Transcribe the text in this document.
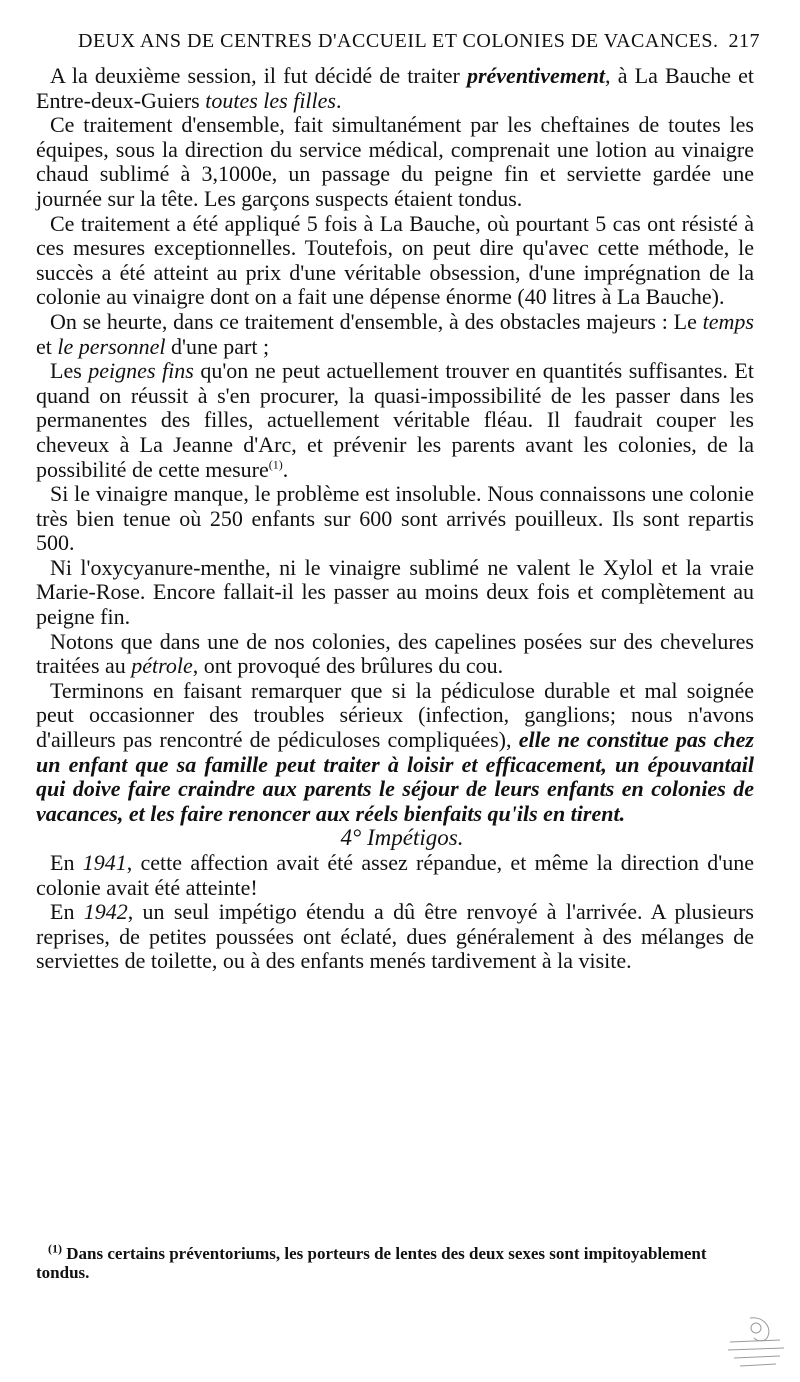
DEUX ANS DE CENTRES D'ACCUEIL ET COLONIES DE VACANCES. 217

A la deuxième session, il fut décidé de traiter préventivement, à La Bauche et Entre-deux-Guiers toutes les filles.

Ce traitement d'ensemble, fait simultanément par les cheftaines de toutes les équipes, sous la direction du service médical, comprenait une lotion au vinaigre chaud sublimé à 3,1000e, un passage du peigne fin et serviette gardée une journée sur la tête. Les garçons suspects étaient tondus.

Ce traitement a été appliqué 5 fois à La Bauche, où pourtant 5 cas ont résisté à ces mesures exceptionnelles. Toutefois, on peut dire qu'avec cette méthode, le succès a été atteint au prix d'une véritable obsession, d'une imprégnation de la colonie au vinaigre dont on a fait une dépense énorme (40 litres à La Bauche).

On se heurte, dans ce traitement d'ensemble, à des obstacles majeurs : Le temps et le personnel d'une part ;

Les peignes fins qu'on ne peut actuellement trouver en quantités suffisantes. Et quand on réussit à s'en procurer, la quasi-impossibilité de les passer dans les permanentes des filles, actuellement véritable fléau. Il faudrait couper les cheveux à La Jeanne d'Arc, et prévenir les parents avant les colonies, de la possibilité de cette mesure$^{(1)}$.

Si le vinaigre manque, le problème est insoluble. Nous connaissons une colonie très bien tenue où 250 enfants sur 600 sont arrivés pouilleux. Ils sont repartis 500.

Ni l'oxycyanure-menthe, ni le vinaigre sublimé ne valent le Xylol et la vraie Marie-Rose. Encore fallait-il les passer au moins deux fois et complètement au peigne fin.

Notons que dans une de nos colonies, des capelines posées sur des chevelures traitées au pétrole, ont provoqué des brûlures du cou.

Terminons en faisant remarquer que si la pédiculose durable et mal soignée peut occasionner des troubles sérieux (infection, ganglions; nous n'avons d'ailleurs pas rencontré de pédiculoses compliquées), elle ne constitue pas chez un enfant que sa famille peut traiter à loisir et efficacement, un épouvantail qui doive faire craindre aux parents le séjour de leurs enfants en colonies de vacances, et les faire renoncer aux réels bienfaits qu'ils en tirent.

4° Impétigos.

En 1941, cette affection avait été assez répandue, et même la direction d'une colonie avait été atteinte!

En 1942, un seul impétigo étendu a dû être renvoyé à l'arrivée. A plusieurs reprises, de petites poussées ont éclaté, dues généralement à des mélanges de serviettes de toilette, ou à des enfants menés tardivement à la visite.

$^{(1)}$ Dans certains préventoriums, les porteurs de lentes des deux sexes sont impitoyablement tondus.
